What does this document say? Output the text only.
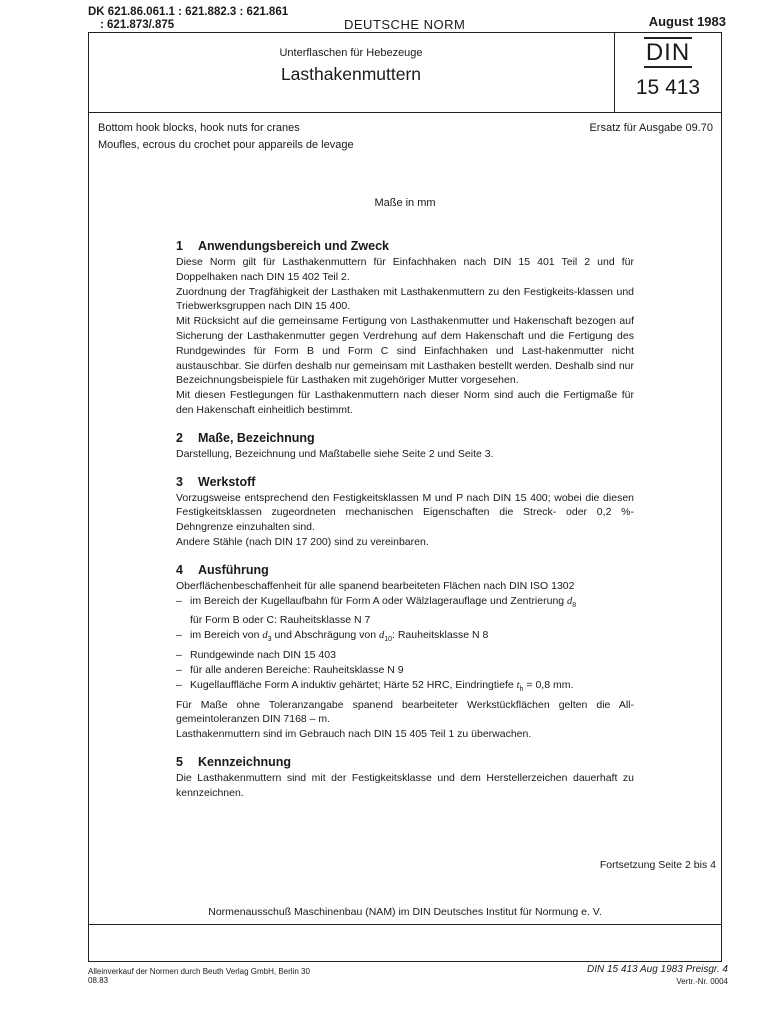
DK 621.86.061.1 : 621.882.3 : 621.861
: 621.873/.875	DEUTSCHE NORM	August 1983
Unterflaschen für Hebezeuge
Lasthakenmuttern
DIN
15 413
Bottom hook blocks, hook nuts for cranes
Moufles, ecrous du crochet pour appareils de levage
Ersatz für Ausgabe 09.70
Maße in mm
1 Anwendungsbereich und Zweck
Diese Norm gilt für Lasthakenmuttern für Einfachhaken nach DIN 15 401 Teil 2 und für Doppelhaken nach DIN 15 402 Teil 2.
Zuordnung der Tragfähigkeit der Lasthaken mit Lasthakenmuttern zu den Festigkeits-klassen und Triebwerksgruppen nach DIN 15 400.
Mit Rücksicht auf die gemeinsame Fertigung von Lasthakenmutter und Hakenschaft bezogen auf Sicherung der Lasthakenmutter gegen Verdrehung auf dem Hakenschaft und die Fertigung des Rundgewindes für Form B und Form C sind Einfachhaken und Last-hakenmutter nicht austauschbar. Sie dürfen deshalb nur gemeinsam mit Lasthaken bestellt werden. Deshalb sind nur Bezeichnungsbeispiele für Lasthaken mit zugehöriger Mutter vorgesehen.
Mit diesen Festlegungen für Lasthakenmuttern nach dieser Norm sind auch die Fertigmaße für den Hakenschaft einheitlich bestimmt.
2 Maße, Bezeichnung
Darstellung, Bezeichnung und Maßtabelle siehe Seite 2 und Seite 3.
3 Werkstoff
Vorzugsweise entsprechend den Festigkeitsklassen M und P nach DIN 15 400; wobei die diesen Festigkeitsklassen zugeordneten mechanischen Eigenschaften die Streck- oder 0,2 %-Dehngrenze einzuhalten sind.
Andere Stähle (nach DIN 17 200) sind zu vereinbaren.
4 Ausführung
Oberflächenbeschaffenheit für alle spanend bearbeiteten Flächen nach DIN ISO 1302
– im Bereich der Kugellaufbahn für Form A oder Wälzlagerauflage und Zentrierung $d_8$
für Form B oder C: Rauheitsklasse N 7
– im Bereich von $d_3$ und Abschrägung von $d_{10}$: Rauheitsklasse N 8
– Rundgewinde nach DIN 15 403
– für alle anderen Bereiche: Rauheitsklasse N 9
– Kugellauffläche Form A induktiv gehärtet; Härte 52 HRC, Eindringtiefe $t_h = 0,8$ mm.
Für Maße ohne Toleranzangabe spanend bearbeiteter Werkstückflächen gelten die All-gemeintoleranzen DIN 7168 – m.
Lasthakenmuttern sind im Gebrauch nach DIN 15 405 Teil 1 zu überwachen.
5 Kennzeichnung
Die Lasthakenmuttern sind mit der Festigkeitsklasse und dem Herstellerzeichen dauerhaft zu kennzeichnen.
Fortsetzung Seite 2 bis 4
Normenausschuß Maschinenbau (NAM) im DIN Deutsches Institut für Normung e. V.
Alleinverkauf der Normen durch Beuth Verlag GmbH, Berlin 30
08.83
DIN 15 413 Aug 1983 Preisgr. 4
Vertr.-Nr. 0004
